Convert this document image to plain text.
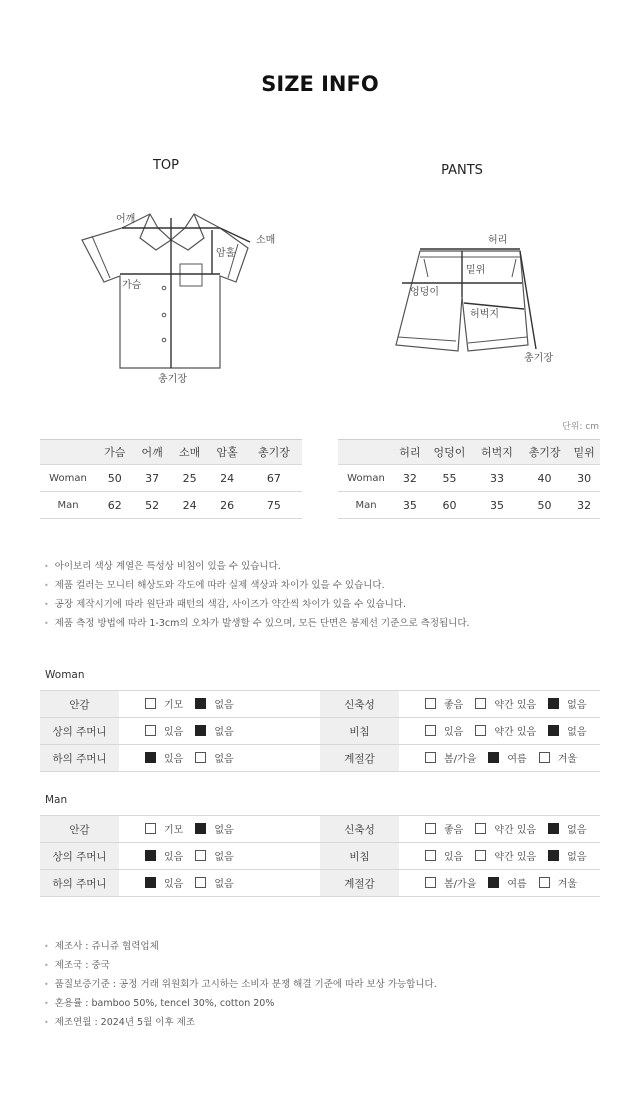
SIZE INFO
TOP
어깨
소매
암홀
가슴
총기장
PANTS
허리
밑위
엉덩이
허벅지
총기장
단위: cm
	가슴	어깨	소매	암홀	총기장
Woman	50	37	25	24	67
Man	62	52	24	26	75
	허리	엉덩이	허벅지	총기장	밑위
Woman	32	55	33	40	30
Man	35	60	35	50	32
• 아이보리 색상 계열은 특성상 비침이 있을 수 있습니다.
• 제품 컬러는 모니터 해상도와 각도에 따라 실제 색상과 차이가 있을 수 있습니다.
• 공장 제작시기에 따라 원단과 패턴의 색감, 사이즈가 약간씩 차이가 있을 수 있습니다.
• 제품 측정 방법에 따라 1-3cm의 오차가 발생할 수 있으며, 모든 단면은 봉제선 기준으로 측정됩니다.
Woman
안감	기모 없음	신축성	좋음 약간 있음 없음

상의 주머니	있음 없음	비침	있음 약간 있음 없음

하의 주머니	있음 없음	계절감	봄/가을 여름 겨울
Man
안감	기모 없음	신축성	좋음 약간 있음 없음

상의 주머니	있음 없음	비침	있음 약간 있음 없음

하의 주머니	있음 없음	계절감	봄/가을 여름 겨울
• 제조사 : 쥬니쥬 협력업체
• 제조국 : 중국
• 품질보증기준 : 공정 거래 위원회가 고시하는 소비자 분쟁 해결 기준에 따라 보상 가능합니다.
• 혼용률 : bamboo 50%, tencel 30%, cotton 20%
• 제조연월 : 2024년 5월 이후 제조
